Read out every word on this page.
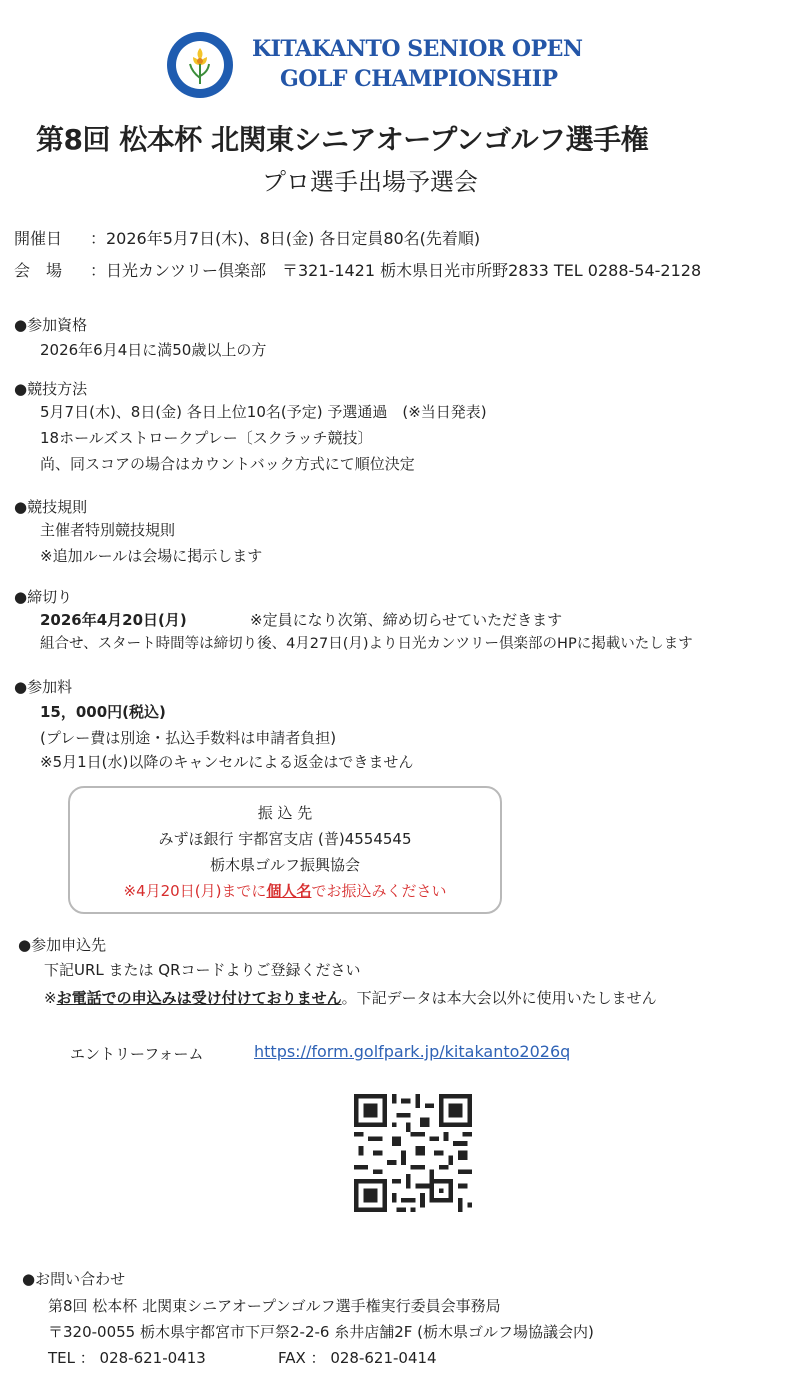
KITAKANTO SENIOR OPEN
GOLF CHAMPIONSHIP
第8回 松本杯 北関東シニアオープンゴルフ選手権
プロ選手出場予選会
開催日 ：2026年5月7日(木)、8日(金) 各日定員80名(先着順)
会　場 ：日光カンツリー倶楽部　〒321-1421 栃木県日光市所野2833 TEL 0288-54-2128
●参加資格
2026年6月4日に満50歳以上の方
●競技方法
5月7日(木)、8日(金) 各日上位10名(予定) 予選通過　(※当日発表)
18ホールズストロークプレー〔スクラッチ競技〕
尚、同スコアの場合はカウントバック方式にて順位決定
●競技規則
主催者特別競技規則
※追加ルールは会場に掲示します
●締切り
2026年4月20日(月)	※定員になり次第、締め切らせていただきます
組合せ、スタート時間等は締切り後、4月27日(月)より日光カンツリー倶楽部のHPに掲載いたします
●参加料
15，000円(税込)
(プレー費は別途・払込手数料は申請者負担)
※5月1日(水)以降のキャンセルによる返金はできません
振 込 先
みずほ銀行 宇都宮支店 (普)4554545
栃木県ゴルフ振興協会
※4月20日(月)までに個人名でお振込みください
●参加申込先
下記URL または QRコードよりご登録ください
※お電話での申込みは受け付けておりません。下記データは本大会以外に使用いたしません
エントリーフォーム	https://form.golfpark.jp/kitakanto2026q
●お問い合わせ
第8回 松本杯 北関東シニアオープンゴルフ選手権実行委員会事務局
〒320-0055 栃木県宇都宮市下戸祭2-2-6 糸井店舗2F (栃木県ゴルフ場協議会内)
TEL ： 028-621-0413	FAX ： 028-621-0414
